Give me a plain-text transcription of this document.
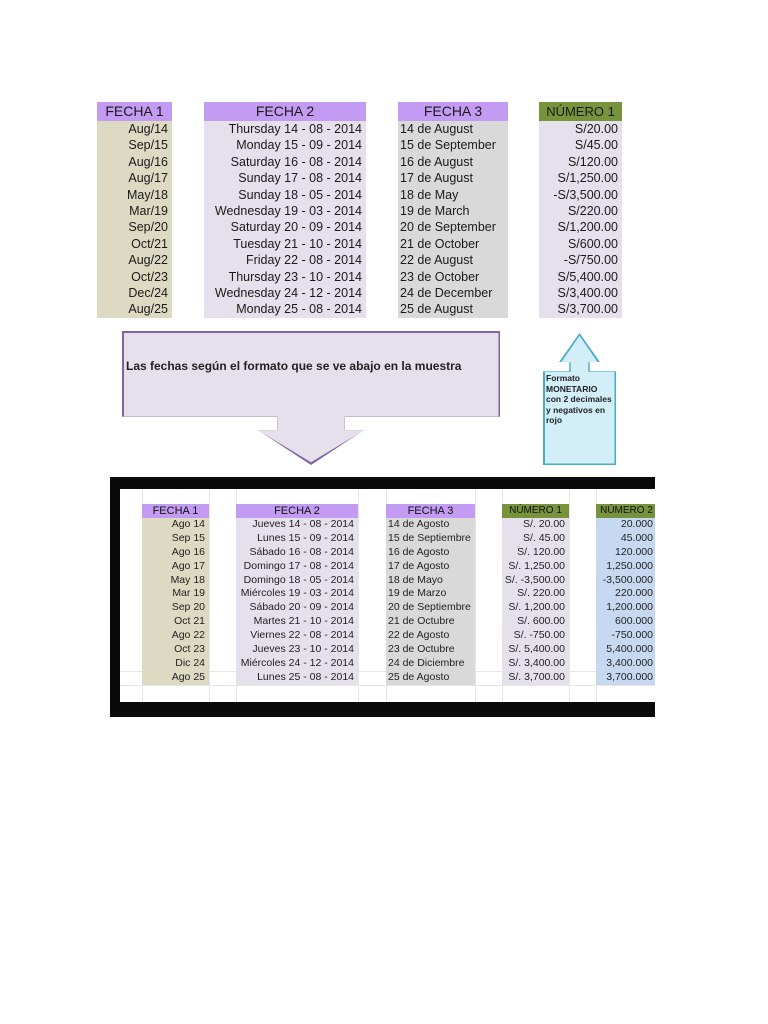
FECHA 1
Aug/14
Sep/15
Aug/16
Aug/17
May/18
Mar/19
Sep/20
Oct/21
Aug/22
Oct/23
Dec/24
Aug/25
FECHA 2
Thursday 14 - 08 - 2014
Monday 15 - 09 - 2014
Saturday 16 - 08 - 2014
Sunday 17 - 08 - 2014
Sunday 18 - 05 - 2014
Wednesday 19 - 03 - 2014
Saturday 20 - 09 - 2014
Tuesday 21 - 10 - 2014
Friday 22 - 08 - 2014
Thursday 23 - 10 - 2014
Wednesday 24 - 12 - 2014
Monday 25 - 08 - 2014
FECHA 3
14 de August
15 de September
16 de August
17 de August
18 de May
19 de March
20 de September
21 de October
22 de August
23 de October
24 de December
25 de August
NÚMERO 1
S/20.00
S/45.00
S/120.00
S/1,250.00
-S/3,500.00
S/220.00
S/1,200.00
S/600.00
-S/750.00
S/5,400.00
S/3,400.00
S/3,700.00
Las fechas según el formato que se ve abajo en la muestra
Formato MONETARIO con 2 decimales y negativos en rojo
FECHA 1
Ago 14
Sep 15
Ago 16
Ago 17
May 18
Mar 19
Sep 20
Oct 21
Ago 22
Oct 23
Dic 24
Ago 25
FECHA 2
Jueves 14 - 08 - 2014
Lunes 15 - 09 - 2014
Sábado 16 - 08 - 2014
Domingo 17 - 08 - 2014
Domingo 18 - 05 - 2014
Miércoles 19 - 03 - 2014
Sábado 20 - 09 - 2014
Martes 21 - 10 - 2014
Viernes 22 - 08 - 2014
Jueves 23 - 10 - 2014
Miércoles 24 - 12 - 2014
Lunes 25 - 08 - 2014
FECHA 3
14 de Agosto
15 de Septiembre
16 de Agosto
17 de Agosto
18 de Mayo
19 de Marzo
20 de Septiembre
21 de Octubre
22 de Agosto
23 de Octubre
24 de Diciembre
25 de Agosto
NÚMERO 1
S/. 20.00
S/. 45.00
S/. 120.00
S/. 1,250.00
S/. -3,500.00
S/. 220.00
S/. 1,200.00
S/. 600.00
S/. -750.00
S/. 5,400.00
S/. 3,400.00
S/. 3,700.00
NÚMERO 2
20.000
45.000
120.000
1,250.000
-3,500.000
220.000
1,200.000
600.000
-750.000
5,400.000
3,400.000
3,700.000
